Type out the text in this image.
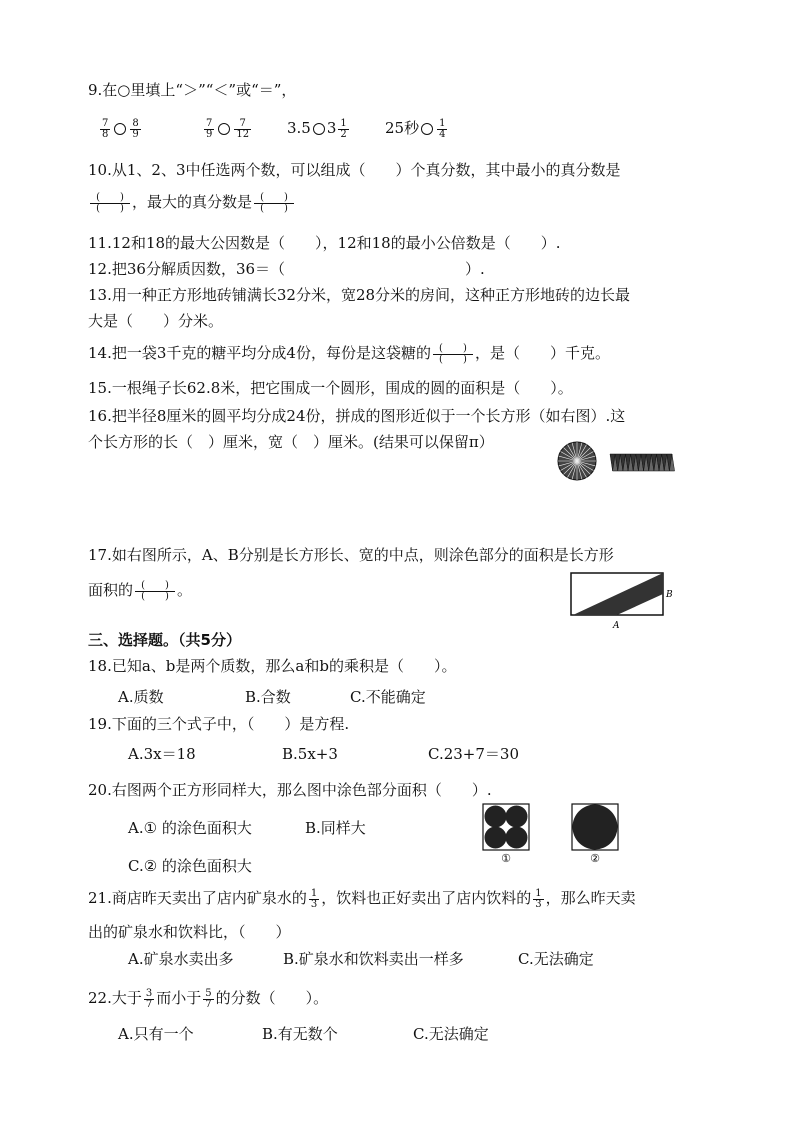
9.在○里填上“＞”“＜”或“＝”，
$\frac{7}{8} \frac{8}{9}$	$\frac{7}{9} \frac{7}{12} 3.5$ $3 \frac{1}{2} 25$秒 $\frac{1}{4}$
10.从1、2、3中任选两个数，可以组成（　　）个真分数，其中最小的真分数是
(　　)
(　　) ，最大的真分数是 (　　)
(　　)
11.12和18的最大公因数是（　　），12和18的最小公倍数是（　　）.
12.把36分解质因数，36＝（　　　　　　　　　　　　）.
13.用一种正方形地砖铺满长32分米，宽28分米的房间，这种正方形地砖的边长最
大是（　　）分米。
14.把一袋3千克的糖平均分成4份，每份是这袋糖的 (　　)
(　　) ，是（　　）千克。
15.一根绳子长62.8米，把它围成一个圆形，围成的圆的面积是（　　）。
16.把半径8厘米的圆平均分成24份，拼成的图形近似于一个长方形（如右图）.这
个长方形的长（　）厘米，宽（　）厘米。(结果可以保留π）
17.如右图所示，A、B分别是长方形长、宽的中点，则涂色部分的面积是长方形
面积的 (　　)
(　　) 。	B
A
三、选择题。（共5分）
18.已知a、b是两个质数，那么a和b的乘积是（　　）。
A.质数	B.合数	C.不能确定
19.下面的三个式子中，（　　）是方程.
A.3x＝18	B.5x+3	C.23+7＝30
20.右图两个正方形同样大，那么图中涂色部分面积（　　）.
A.① 的涂色面积大	B.同样大
C.② 的涂色面积大	①	②
21.商店昨天卖出了店内矿泉水的 $\frac{1}{3}$ ，饮料也正好卖出了店内饮料的 $\frac{1}{3}$ ，那么昨天卖
出的矿泉水和饮料比，（　　）
A.矿泉水卖出多	B.矿泉水和饮料卖出一样多	C.无法确定
22.大于 $\frac{3}{7}$ 而小于 $\frac{5}{7}$ 的分数（　　）。
A.只有一个	B.有无数个	C.无法确定
